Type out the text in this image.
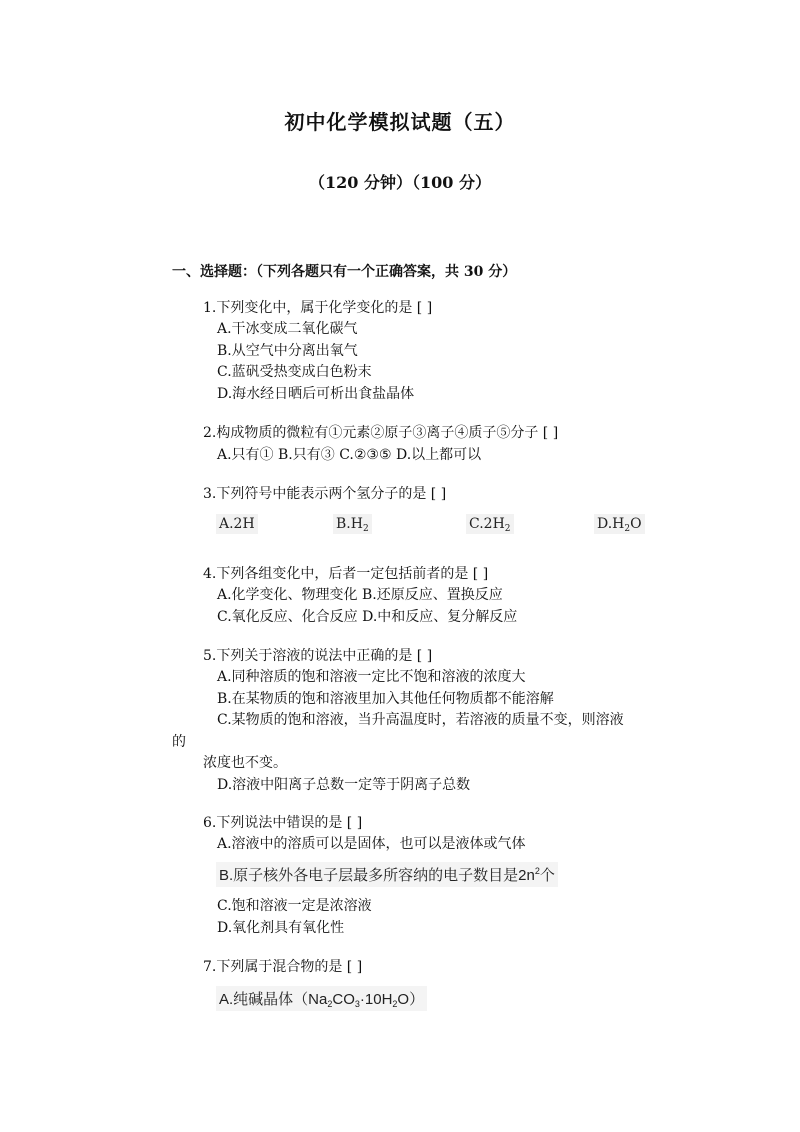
初中化学模拟试题（五）
（120 分钟）（100 分）
一、选择题：（下列各题只有一个正确答案，共 30 分）
1.下列变化中，属于化学变化的是 [ ]
A.干冰变成二氧化碳气
B.从空气中分离出氧气
C.蓝矾受热变成白色粉末
D.海水经日晒后可析出食盐晶体
2.构成物质的微粒有①元素②原子③离子④质子⑤分子 [ ]
A.只有① B.只有③ C.②③⑤ D.以上都可以
3.下列符号中能表示两个氢分子的是 [ ]
A.2H	$B.H_2$	$C.2H_2$	$D.H_2O$
4.下列各组变化中，后者一定包括前者的是 [ ]
A.化学变化、物理变化 B.还原反应、置换反应
C.氧化反应、化合反应 D.中和反应、复分解反应
5.下列关于溶液的说法中正确的是 [ ]
A.同种溶质的饱和溶液一定比不饱和溶液的浓度大
B.在某物质的饱和溶液里加入其他任何物质都不能溶解
C.某物质的饱和溶液，当升高温度时，若溶液的质量不变，则溶液
的
浓度也不变。
D.溶液中阳离子总数一定等于阴离子总数
6.下列说法中错误的是 [ ]
A.溶液中的溶质可以是固体，也可以是液体或气体
B.原子核外各电子层最多所容纳的电子数目是$2n^2$个
C.饱和溶液一定是浓溶液
D.氧化剂具有氧化性
7.下列属于混合物的是 [ ]
A.纯碱晶体$(Na_2CO_3\cdot 10H_2O)$
